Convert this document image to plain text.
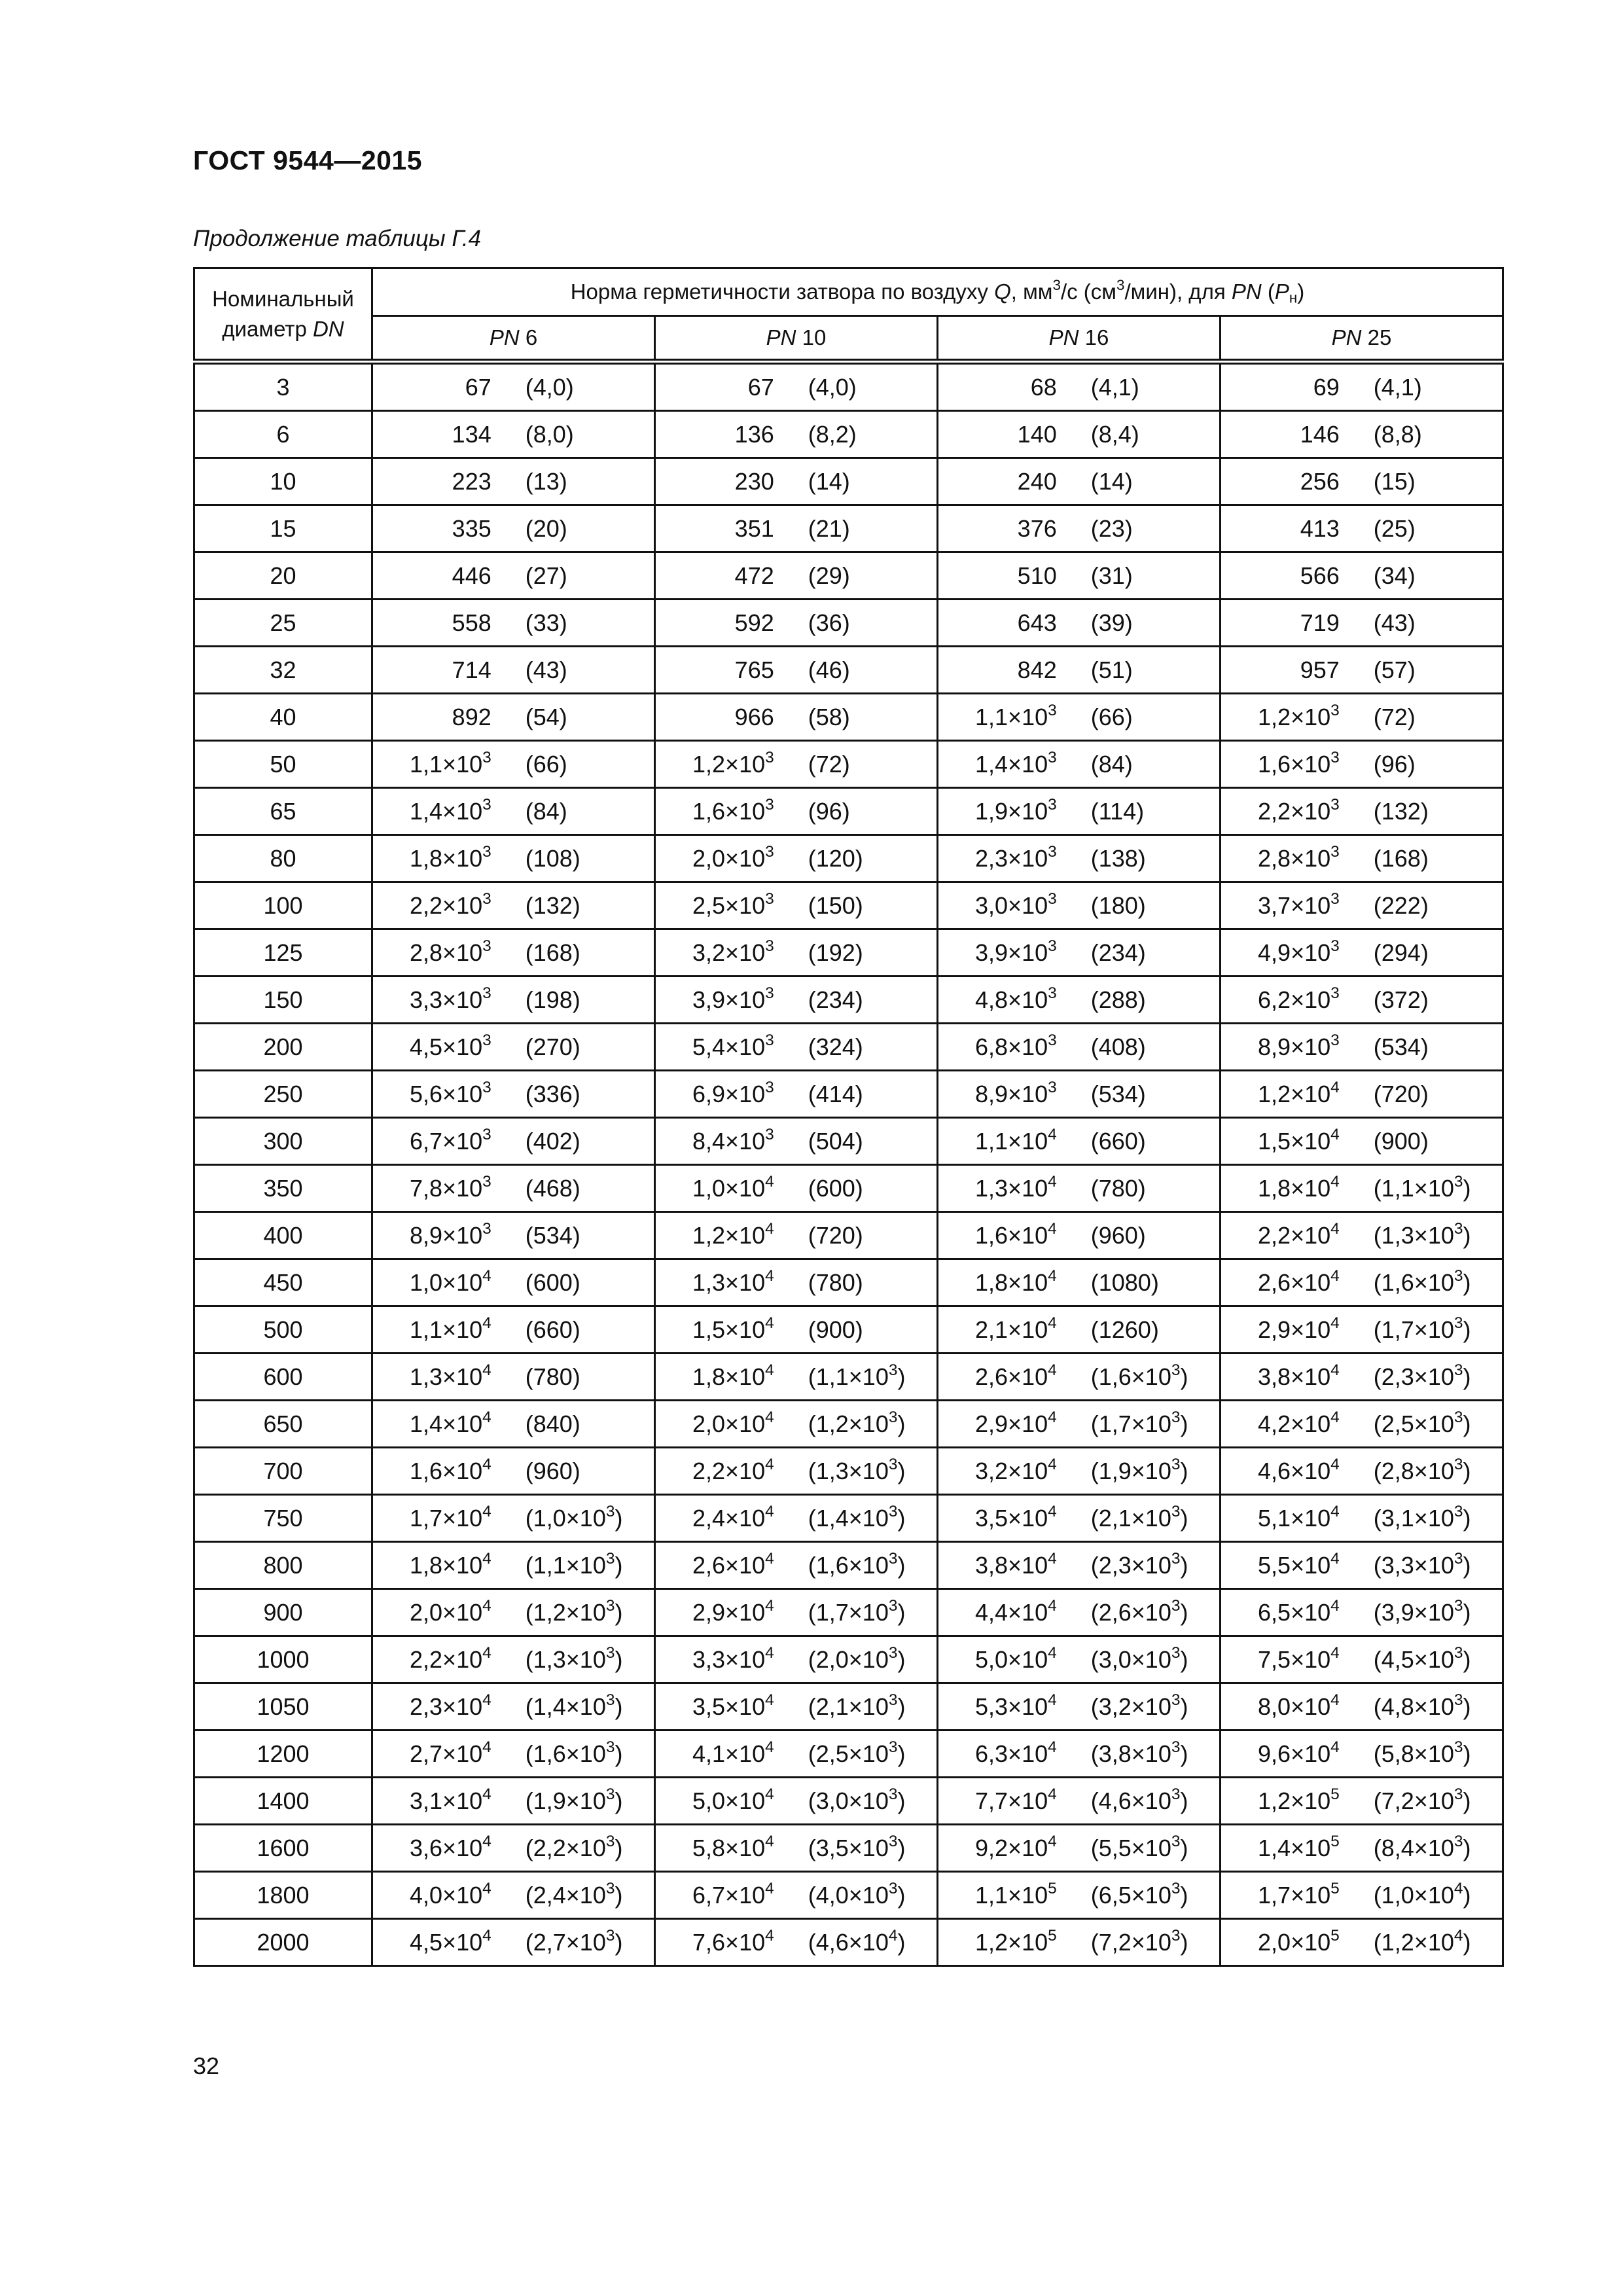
ГОСТ 9544—2015
Продолжение таблицы Г.4
Номинальный
диаметр DN	Норма герметичности затвора по воздуху Q, $мм^3/с$ $(см^3/мин)$, для PN $(P_н)$			
	PN 6	PN 10	PN 16	PN 25
3	67 (4,0)	67 (4,0)	68 (4,1)	69 (4,1)

6	134 (8,0)	136 (8,2)	140 (8,4)	146 (8,8)

10	223 (13)	230 (14)	240 (14)	256 (15)

15	335 (20)	351 (21)	376 (23)	413 (25)

20	446 (27)	472 (29)	510 (31)	566 (34)

25	558 (33)	592 (36)	643 (39)	719 (43)

32	714 (43)	765 (46)	842 (51)	957 (57)

40	892 (54)	966 (58)	$1,1\times 10^3$ (66)	$1,2\times 10^3$ (72)

50	$1,1\times 10^3$ (66)	$1,2\times 10^3$ (72)	$1,4\times 10^3$ (84)	$1,6\times 10^3$ (96)

65	$1,4\times 10^3$ (84)	$1,6\times 10^3$ (96)	$1,9\times 10^3$ (114)	$2,2\times 10^3$ (132)

80	$1,8\times 10^3$ (108)	$2,0\times 10^3$ (120)	$2,3\times 10^3$ (138)	$2,8\times 10^3$ (168)

100	$2,2\times 10^3$ (132)	$2,5\times 10^3$ (150)	$3,0\times 10^3$ (180)	$3,7\times 10^3$ (222)

125	$2,8\times 10^3$ (168)	$3,2\times 10^3$ (192)	$3,9\times 10^3$ (234)	$4,9\times 10^3$ (294)

150	$3,3\times 10^3$ (198)	$3,9\times 10^3$ (234)	$4,8\times 10^3$ (288)	$6,2\times 10^3$ (372)

200	$4,5\times 10^3$ (270)	$5,4\times 10^3$ (324)	$6,8\times 10^3$ (408)	$8,9\times 10^3$ (534)

250	$5,6\times 10^3$ (336)	$6,9\times 10^3$ (414)	$8,9\times 10^3$ (534)	$1,2\times 10^4$ (720)

300	$6,7\times 10^3$ (402)	$8,4\times 10^3$ (504)	$1,1\times 10^4$ (660)	$1,5\times 10^4$ (900)

350	$7,8\times 10^3$ (468)	$1,0\times 10^4$ (600)	$1,3\times 10^4$ (780)	$1,8\times 10^4$ $(1,1\times 10^3)$

400	$8,9\times 10^3$ (534)	$1,2\times 10^4$ (720)	$1,6\times 10^4$ (960)	$2,2\times 10^4$ $(1,3\times 10^3)$

450	$1,0\times 10^4$ (600)	$1,3\times 10^4$ (780)	$1,8\times 10^4$ (1080)	$2,6\times 10^4$ $(1,6\times 10^3)$

500	$1,1\times 10^4$ (660)	$1,5\times 10^4$ (900)	$2,1\times 10^4$ (1260)	$2,9\times 10^4$ $(1,7\times 10^3)$

600	$1,3\times 10^4$ (780)	$1,8\times 10^4$ $(1,1\times 10^3)$	$2,6\times 10^4$ $(1,6\times 10^3)$	$3,8\times 10^4$ $(2,3\times 10^3)$

650	$1,4\times 10^4$ (840)	$2,0\times 10^4$ $(1,2\times 10^3)$	$2,9\times 10^4$ $(1,7\times 10^3)$	$4,2\times 10^4$ $(2,5\times 10^3)$

700	$1,6\times 10^4$ (960)	$2,2\times 10^4$ $(1,3\times 10^3)$	$3,2\times 10^4$ $(1,9\times 10^3)$	$4,6\times 10^4$ $(2,8\times 10^3)$

750	$1,7\times 10^4$ $(1,0\times 10^3)$	$2,4\times 10^4$ $(1,4\times 10^3)$	$3,5\times 10^4$ $(2,1\times 10^3)$	$5,1\times 10^4$ $(3,1\times 10^3)$

800	$1,8\times 10^4$ $(1,1\times 10^3)$	$2,6\times 10^4$ $(1,6\times 10^3)$	$3,8\times 10^4$ $(2,3\times 10^3)$	$5,5\times 10^4$ $(3,3\times 10^3)$

900	$2,0\times 10^4$ $(1,2\times 10^3)$	$2,9\times 10^4$ $(1,7\times 10^3)$	$4,4\times 10^4$ $(2,6\times 10^3)$	$6,5\times 10^4$ $(3,9\times 10^3)$

1000	$2,2\times 10^4$ $(1,3\times 10^3)$	$3,3\times 10^4$ $(2,0\times 10^3)$	$5,0\times 10^4$ $(3,0\times 10^3)$	$7,5\times 10^4$ $(4,5\times 10^3)$

1050	$2,3\times 10^4$ $(1,4\times 10^3)$	$3,5\times 10^4$ $(2,1\times 10^3)$	$5,3\times 10^4$ $(3,2\times 10^3)$	$8,0\times 10^4$ $(4,8\times 10^3)$

1200	$2,7\times 10^4$ $(1,6\times 10^3)$	$4,1\times 10^4$ $(2,5\times 10^3)$	$6,3\times 10^4$ $(3,8\times 10^3)$	$9,6\times 10^4$ $(5,8\times 10^3)$

1400	$3,1\times 10^4$ $(1,9\times 10^3)$	$5,0\times 10^4$ $(3,0\times 10^3)$	$7,7\times 10^4$ $(4,6\times 10^3)$	$1,2\times 10^5$ $(7,2\times 10^3)$

1600	$3,6\times 10^4$ $(2,2\times 10^3)$	$5,8\times 10^4$ $(3,5\times 10^3)$	$9,2\times 10^4$ $(5,5\times 10^3)$	$1,4\times 10^5$ $(8,4\times 10^3)$

1800	$4,0\times 10^4$ $(2,4\times 10^3)$	$6,7\times 10^4$ $(4,0\times 10^3)$	$1,1\times 10^5$ $(6,5\times 10^3)$	$1,7\times 10^5$ $(1,0\times 10^4)$

2000	$4,5\times 10^4$ $(2,7\times 10^3)$	$7,6\times 10^4$ $(4,6\times 10^4)$	$1,2\times 10^5$ $(7,2\times 10^3)$	$2,0\times 10^5$ $(1,2\times 10^4)$
32
